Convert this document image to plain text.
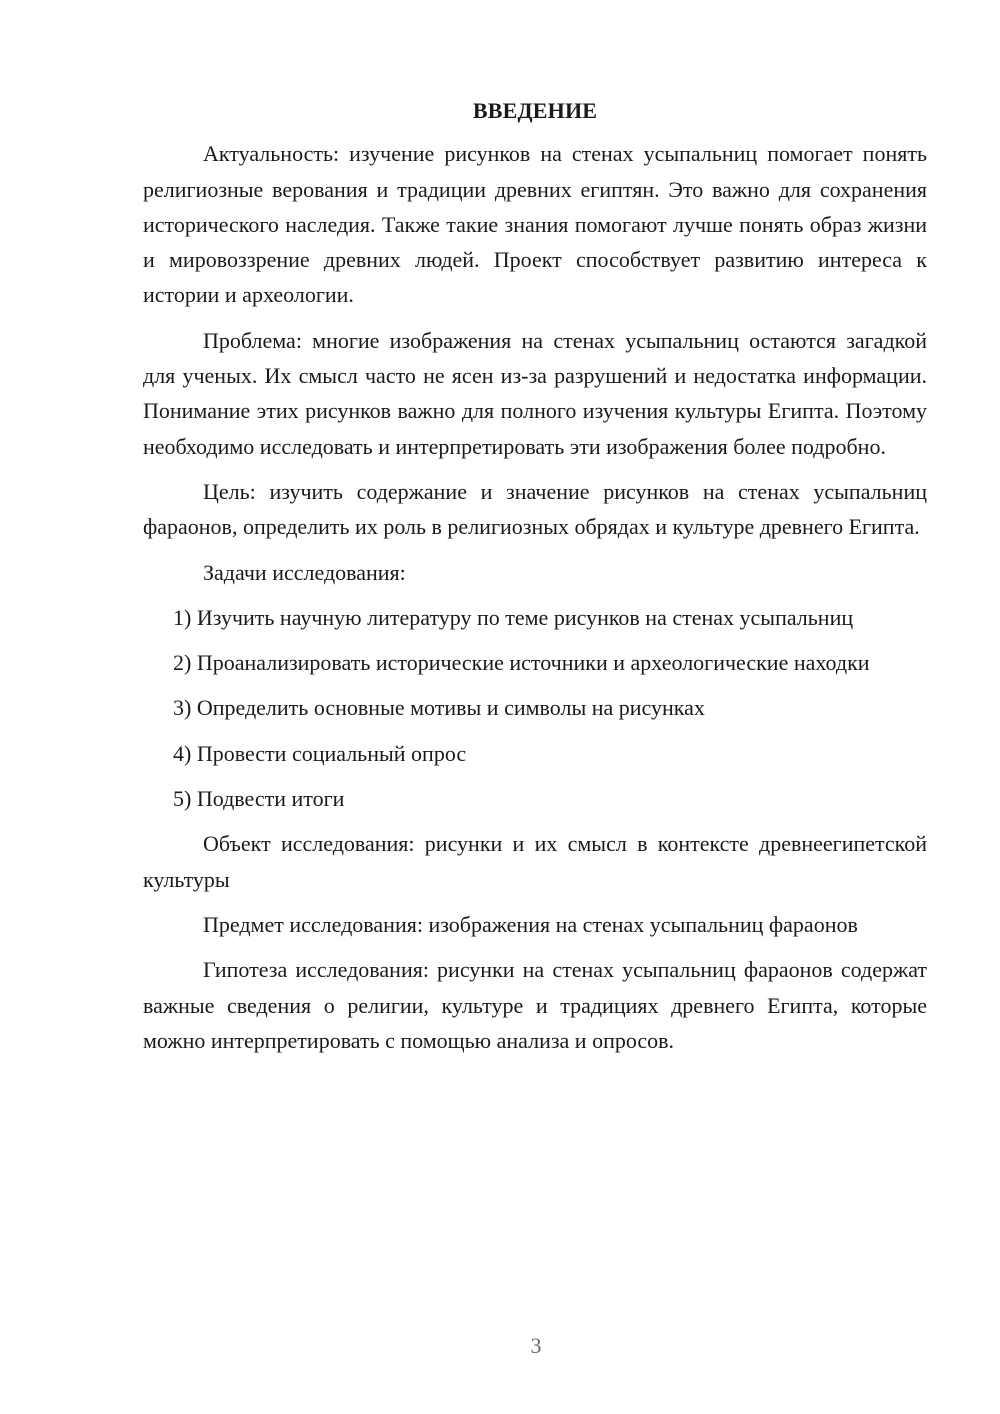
ВВЕДЕНИЕ

Актуальность: изучение рисунков на стенах усыпальниц помогает понять религиозные верования и традиции древних египтян. Это важно для сохранения исторического наследия. Также такие знания помогают лучше понять образ жизни и мировоззрение древних людей. Проект способствует развитию интереса к истории и археологии.

Проблема: многие изображения на стенах усыпальниц остаются загадкой для ученых. Их смысл часто не ясен из-за разрушений и недостатка информации. Понимание этих рисунков важно для полного изучения культуры Египта. Поэтому необходимо исследовать и интерпретировать эти изображения более подробно.

Цель: изучить содержание и значение рисунков на стенах усыпальниц фараонов, определить их роль в религиозных обрядах и культуре древнего Египта.

Задачи исследования:

1) Изучить научную литературу по теме рисунков на стенах усыпальниц

2) Проанализировать исторические источники и археологические находки

3) Определить основные мотивы и символы на рисунках

4) Провести социальный опрос

5) Подвести итоги

Объект исследования: рисунки и их смысл в контексте древнеегипетской культуры

Предмет исследования: изображения на стенах усыпальниц фараонов

Гипотеза исследования: рисунки на стенах усыпальниц фараонов содержат важные сведения о религии, культуре и традициях древнего Египта, которые можно интерпретировать с помощью анализа и опросов.

3
